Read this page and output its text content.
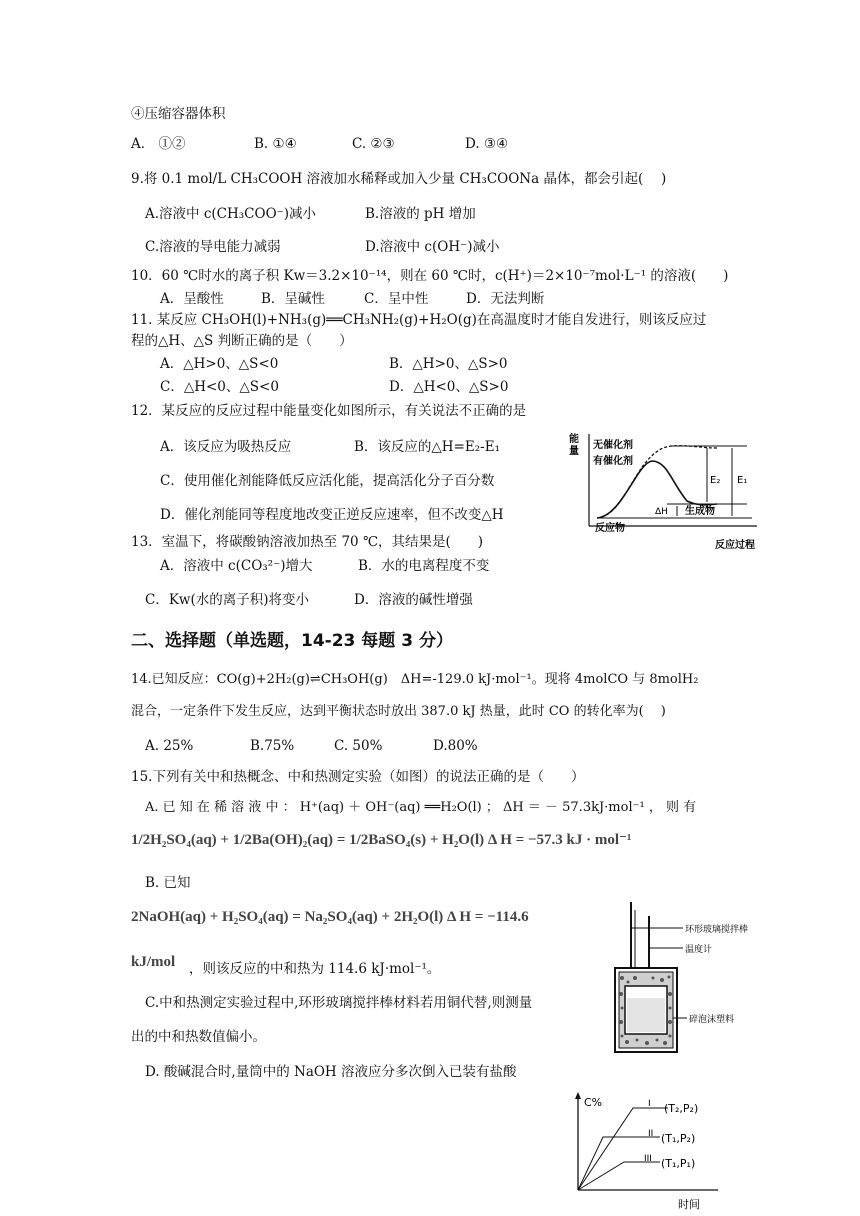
④压缩容器体积
A． ①②	B. ①④	C. ②③	D. ③④
9.将 0.1 mol/L CH₃COOH 溶液加水稀释或加入少量 CH₃COONa 晶体，都会引起(　 )
A.溶液中 c(CH₃COO⁻)减小	B.溶液的 pH 增加
C.溶液的导电能力减弱	D.溶液中 c(OH⁻)减小
10．60 ℃时水的离子积 Kw＝3.2×10⁻¹⁴，则在 60 ℃时，c(H⁺)＝2×10⁻⁷mol·L⁻¹ 的溶液(　　)
A．呈酸性	B．呈碱性	C．呈中性	D．无法判断
11. 某反应 CH₃OH(l)+NH₃(g)══CH₃NH₂(g)+H₂O(g)在高温度时才能自发进行，则该反应过
程的△H、△S 判断正确的是（　　）
A．△H>0、△S<0	B．△H>0、△S>0
C．△H<0、△S<0	D．△H<0、△S>0
12．某反应的反应过程中能量变化如图所示，有关说法不正确的是
A．该反应为吸热反应	B．该反应的△H=E₂-E₁
C．使用催化剂能降低反应活化能，提高活化分子百分数
D．催化剂能同等程度地改变正逆反应速率，但不改变△H
13．室温下，将碳酸钠溶液加热至 70 ℃，其结果是(　　)
A．溶液中 c(CO₃²⁻)增大	B．水的电离程度不变
C．Kw(水的离子积)将变小	D．溶液的碱性增强
二、选择题（单选题，14-23 每题 3 分）
14.已知反应：CO(g)+2H₂(g)⇌CH₃OH(g)　ΔH=-129.0 kJ·mol⁻¹。现将 4molCO 与 8molH₂
混合，一定条件下发生反应，达到平衡状态时放出 387.0 kJ 热量，此时 CO 的转化率为(　 )
A. 25%	B.75%	C. 50%	D.80%
15.下列有关中和热概念、中和热测定实验（如图）的说法正确的是（　　）
A. 已 知 在 稀 溶 液 中 ： H⁺(aq) ＋ OH⁻(aq) ══H₂O(l) ； ΔH ＝ － 57.3kJ·mol⁻¹ ， 则 有
1/2H₂SO₄(aq) + 1/2Ba(OH)₂(aq) = 1/2BaSO₄(s) + H₂O(l) Δ H = −57.3 kJ · mol⁻¹
B. 已知
2NaOH(aq) + H₂SO₄(aq) = Na₂SO₄(aq) + 2H₂O(l) Δ H = −114.6
kJ/mol ，则该反应的中和热为 114.6 kJ·mol⁻¹。
C.中和热测定实验过程中,环形玻璃搅拌棒材料若用铜代替,则测量
出的中和热数值偏小。
D. 酸碱混合时,量筒中的 NaOH 溶液应分多次倒入已装有盐酸
能
量
无催化剂
有催化剂
E₂ E₁
ΔH 生成物
反应物
反应过程
环形玻璃搅拌棒
温度计
碎泡沫塑料
C%	I (T₂,P₂)
II (T₁,P₂)
III (T₁,P₁)
时间
